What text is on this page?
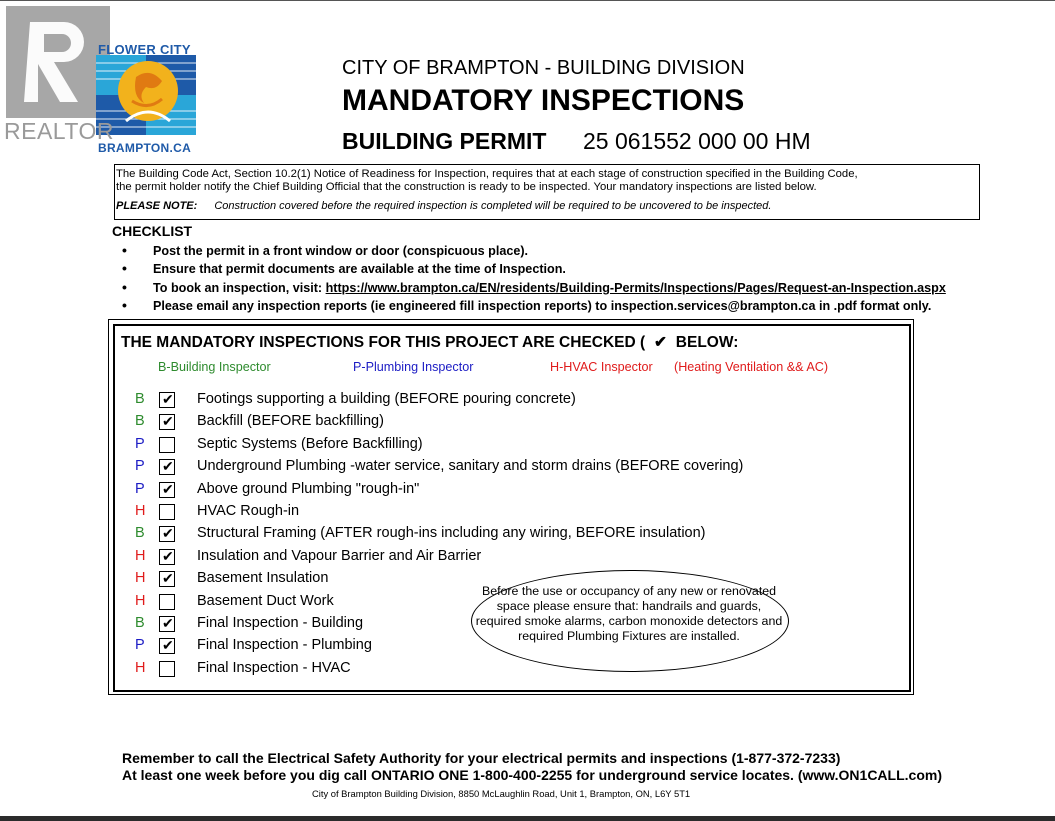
REALTOR
FLOWER CITY
BRAMPTON.CA
CITY OF BRAMPTON - BUILDING DIVISION
MANDATORY INSPECTIONS
BUILDING PERMIT 25 061552 000 00 HM
The Building Code Act, Section 10.2(1) Notice of Readiness for Inspection, requires that at each stage of construction specified in the Building Code,
the permit holder notify the Chief Building Official that the construction is ready to be inspected. Your mandatory inspections are listed below.
PLEASE NOTE: Construction covered before the required inspection is completed will be required to be uncovered to be inspected.
CHECKLIST
• Post the permit in a front window or door (conspicuous place).
• Ensure that permit documents are available at the time of Inspection.
• To book an inspection, visit: https://www.brampton.ca/EN/residents/Building-Permits/Inspections/Pages/Request-an-Inspection.aspx
• Please email any inspection reports (ie engineered fill inspection reports) to inspection.services@brampton.ca in .pdf format only.
THE MANDATORY INSPECTIONS FOR THIS PROJECT ARE CHECKED ( ✔ BELOW:
B-Building Inspector	P-Plumbing Inspector	H-HVAC Inspector (Heating Ventilation && AC)
B ✔ Footings supporting a building (BEFORE pouring concrete)
B ✔ Backfill (BEFORE backfilling)
P	Septic Systems (Before Backfilling)
P ✔ Underground Plumbing -water service, sanitary and storm drains (BEFORE covering)
P ✔ Above ground Plumbing "rough-in"
H	HVAC Rough-in
B ✔ Structural Framing (AFTER rough-ins including any wiring, BEFORE insulation)
H ✔ Insulation and Vapour Barrier and Air Barrier
H ✔ Basement Insulation
H	Basement Duct Work
B ✔ Final Inspection - Building
P ✔ Final Inspection - Plumbing
H	Final Inspection - HVAC
Before the use or occupancy of any new or renovated space please ensure that: handrails and guards, required smoke alarms, carbon monoxide detectors and required Plumbing Fixtures are installed.
Remember to call the Electrical Safety Authority for your electrical permits and inspections (1-877-372-7233)
At least one week before you dig call ONTARIO ONE 1-800-400-2255 for underground service locates. (www.ON1CALL.com)
City of Brampton Building Division, 8850 McLaughlin Road, Unit 1, Brampton, ON, L6Y 5T1
